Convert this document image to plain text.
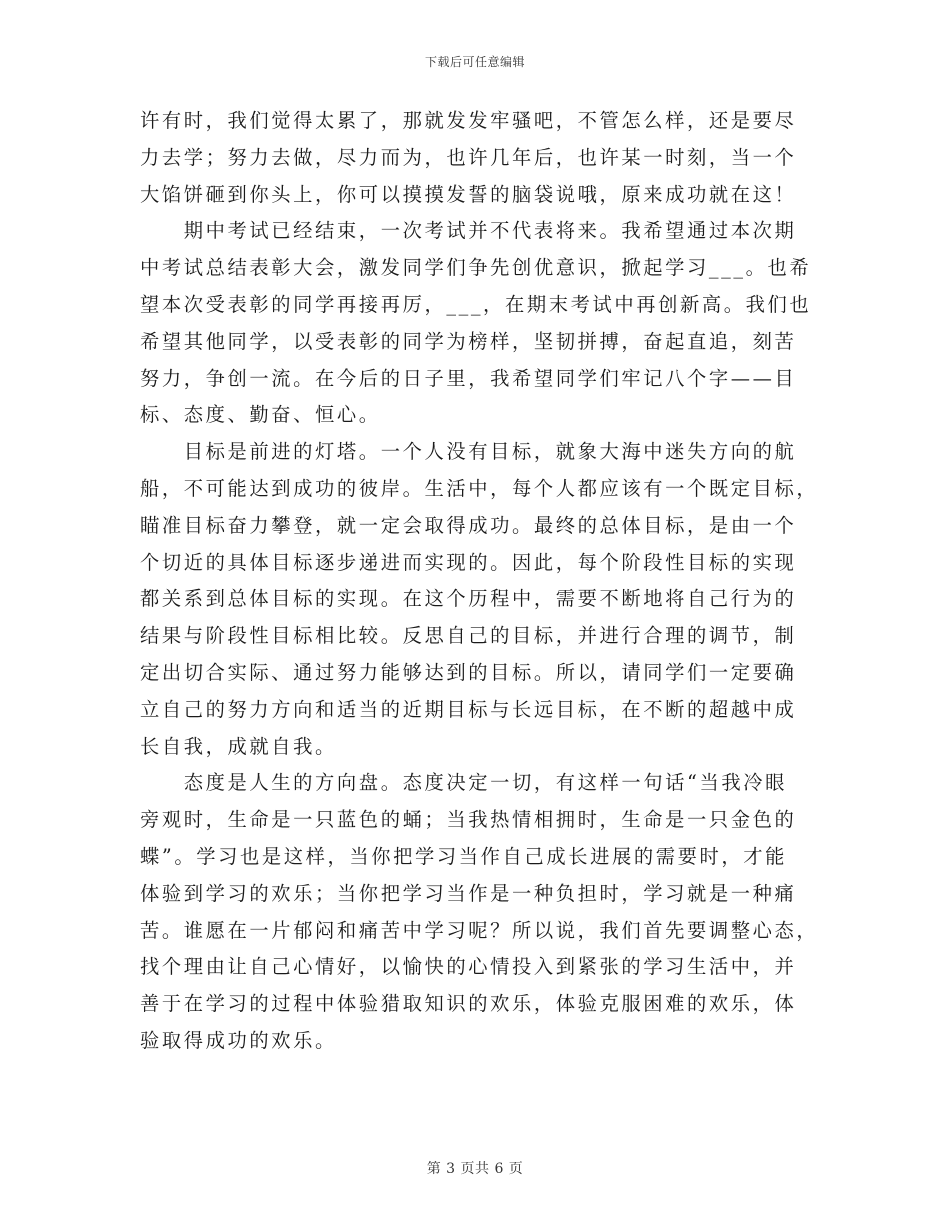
下载后可任意编辑
许有时，我们觉得太累了，那就发发牢骚吧，不管怎么样，还是要尽
力去学；努力去做，尽力而为，也许几年后，也许某一时刻，当一个
大馅饼砸到你头上，你可以摸摸发誓的脑袋说哦，原来成功就在这！
　　期中考试已经结束，一次考试并不代表将来。我希望通过本次期
中考试总结表彰大会，激发同学们争先创优意识，掀起学习___。也希
望本次受表彰的同学再接再厉，___，在期末考试中再创新高。我们也
希望其他同学，以受表彰的同学为榜样，坚韧拼搏，奋起直追，刻苦
努力，争创一流。在今后的日子里，我希望同学们牢记八个字——目
标、态度、勤奋、恒心。
　　目标是前进的灯塔。一个人没有目标，就象大海中迷失方向的航
船，不可能达到成功的彼岸。生活中，每个人都应该有一个既定目标，
瞄准目标奋力攀登，就一定会取得成功。最终的总体目标，是由一个
个切近的具体目标逐步递进而实现的。因此，每个阶段性目标的实现
都关系到总体目标的实现。在这个历程中，需要不断地将自己行为的
结果与阶段性目标相比较。反思自己的目标，并进行合理的调节，制
定出切合实际、通过努力能够达到的目标。所以，请同学们一定要确
立自己的努力方向和适当的近期目标与长远目标，在不断的超越中成
长自我，成就自我。
　　态度是人生的方向盘。态度决定一切，有这样一句话“当我冷眼
旁观时，生命是一只蓝色的蛹；当我热情相拥时，生命是一只金色的
蝶”。学习也是这样，当你把学习当作自己成长进展的需要时，才能
体验到学习的欢乐；当你把学习当作是一种负担时，学习就是一种痛
苦。谁愿在一片郁闷和痛苦中学习呢？所以说，我们首先要调整心态，
找个理由让自己心情好，以愉快的心情投入到紧张的学习生活中，并
善于在学习的过程中体验猎取知识的欢乐，体验克服困难的欢乐，体
验取得成功的欢乐。
第 3 页共 6 页
